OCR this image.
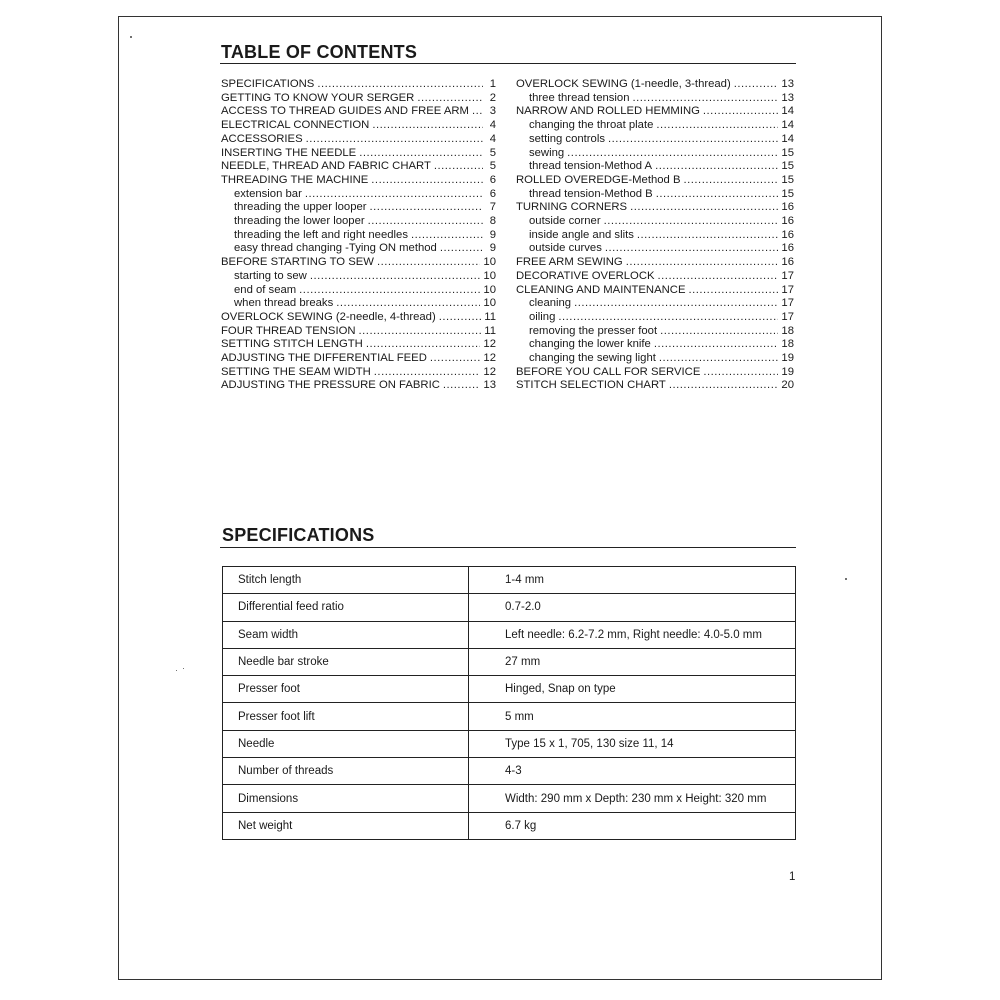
TABLE OF CONTENTS
SPECIFICATIONS .....	1
GETTING TO KNOW YOUR SERGER .....	2
ACCESS TO THREAD GUIDES AND FREE ARM .....	3
ELECTRICAL CONNECTION .....	4
ACCESSORIES .....	4
INSERTING THE NEEDLE .....	5
NEEDLE, THREAD AND FABRIC CHART .....	5
THREADING THE MACHINE .....	6
extension bar .....	6
threading the upper looper .....	7
threading the lower looper .....	8
threading the left and right needles .....	9
easy thread changing -Tying ON method .....	9
BEFORE STARTING TO SEW .....	10
starting to sew .....	10
end of seam .....	10
when thread breaks .....	10
OVERLOCK SEWING (2-needle, 4-thread) .....	11
FOUR THREAD TENSION .....	11
SETTING STITCH LENGTH .....	12
ADJUSTING THE DIFFERENTIAL FEED .....	12
SETTING THE SEAM WIDTH .....	12
ADJUSTING THE PRESSURE ON FABRIC .....	13
OVERLOCK SEWING (1-needle, 3-thread) .....	13
three thread tension .....	13
NARROW AND ROLLED HEMMING .....	14
changing the throat plate .....	14
setting controls .....	14
sewing .....	15
thread tension-Method A .....	15
ROLLED OVEREDGE-Method B .....	15
thread tension-Method B .....	15
TURNING CORNERS .....	16
outside corner .....	16
inside angle and slits .....	16
outside curves .....	16
FREE ARM SEWING .....	16
DECORATIVE OVERLOCK .....	17
CLEANING AND MAINTENANCE .....	17
cleaning .....	17
oiling .....	17
removing the presser foot .....	18
changing the lower knife .....	18
changing the sewing light .....	19
BEFORE YOU CALL FOR SERVICE .....	19
STITCH SELECTION CHART .....	20
SPECIFICATIONS
Stitch length	1-4 mm
Differential feed ratio	0.7-2.0
Seam width	Left needle: 6.2-7.2 mm, Right needle: 4.0-5.0 mm
Needle bar stroke	27 mm
Presser foot	Hinged, Snap on type
Presser foot lift	5 mm
Needle	Type 15 x 1, 705, 130 size 11, 14
Number of threads	4-3
Dimensions	Width: 290 mm x Depth: 230 mm x Height: 320 mm
Net weight	6.7 kg
1
